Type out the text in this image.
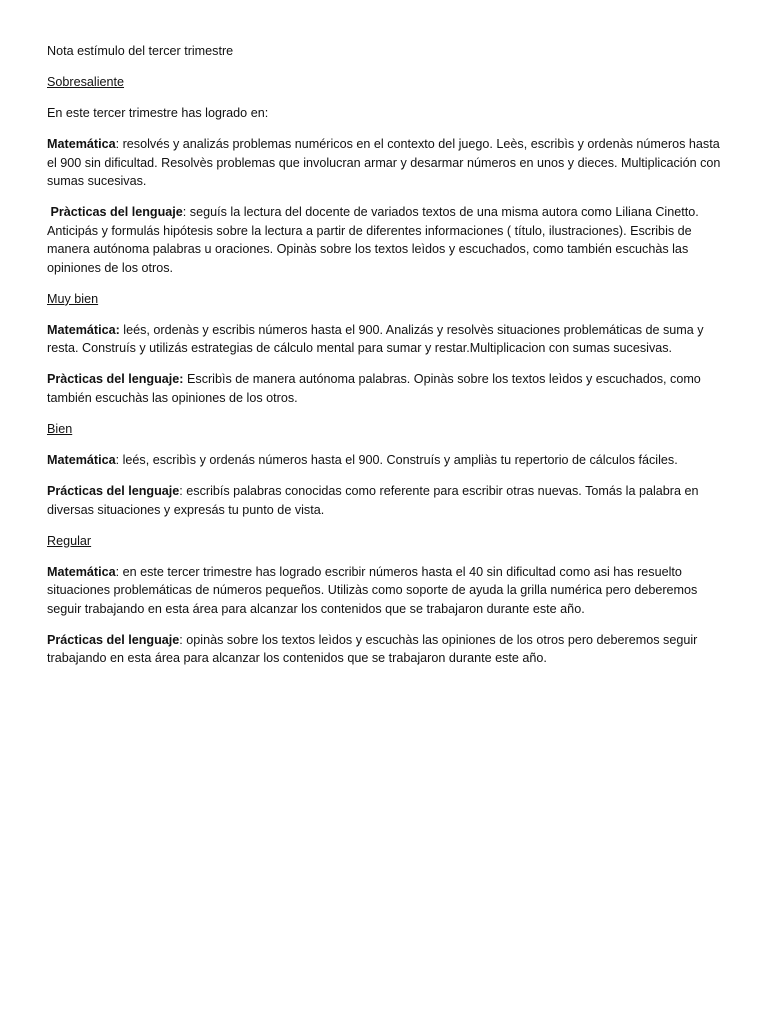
Nota estímulo del tercer trimestre

Sobresaliente

En este tercer trimestre has logrado en:

Matemática: resolvés y analizás problemas numéricos en el contexto del juego. Leès, escribìs y ordenàs números hasta el 900 sin dificultad. Resolvès problemas que involucran armar y desarmar números en unos y dieces. Multiplicación con sumas sucesivas.

Pràcticas del lenguaje: seguís la lectura del docente de variados textos de una misma autora como Liliana Cinetto. Anticipás y formulás hipótesis sobre la lectura a partir de diferentes informaciones ( título, ilustraciones). Escribis de manera autónoma palabras u oraciones. Opinàs sobre los textos leìdos y escuchados, como también escuchàs las opiniones de los otros.

Muy bien

Matemática: leés, ordenàs y escribis números hasta el 900. Analizás y resolvès situaciones problemáticas de suma y resta. Construís y utilizás estrategias de cálculo mental para sumar y restar.Multiplicacion con sumas sucesivas.

Pràcticas del lenguaje: Escribìs de manera autónoma palabras. Opinàs sobre los textos leìdos y escuchados, como también escuchàs las opiniones de los otros.

Bien

Matemática: leés, escribìs y ordenás números hasta el 900. Construís y ampliàs tu repertorio de cálculos fáciles.

Prácticas del lenguaje: escribís palabras conocidas como referente para escribir otras nuevas. Tomás la palabra en diversas situaciones y expresás tu punto de vista.

Regular

Matemática: en este tercer trimestre has logrado escribir números hasta el 40 sin dificultad como asi has resuelto situaciones problemáticas de números pequeños. Utilizàs como soporte de ayuda la grilla numérica pero deberemos seguir trabajando en esta área para alcanzar los contenidos que se trabajaron durante este año.

Prácticas del lenguaje: opinàs sobre los textos leìdos y escuchàs las opiniones de los otros pero deberemos seguir trabajando en esta área para alcanzar los contenidos que se trabajaron durante este año.
